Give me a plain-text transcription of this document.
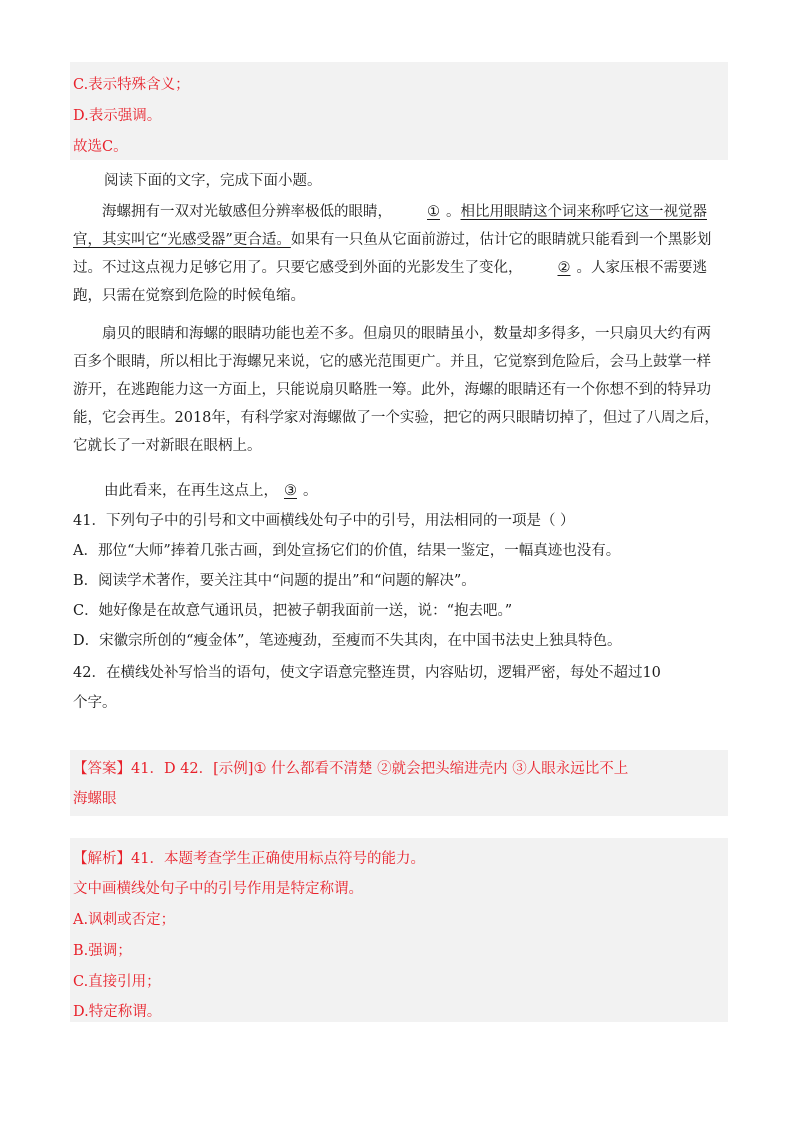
C.表示特殊含义；
D.表示强调。
故选C。
阅读下面的文字，完成下面小题。
海螺拥有一双对光敏感但分辨率极低的眼睛， ① 。相比用眼睛这个词来称呼它这一视觉器官，其实叫它“光感受器”更合适。如果有一只鱼从它面前游过，估计它的眼睛就只能看到一个黑影划过。不过这点视力足够它用了。只要它感受到外面的光影发生了变化， ② 。人家压根不需要逃跑，只需在觉察到危险的时候龟缩。
扇贝的眼睛和海螺的眼睛功能也差不多。但扇贝的眼睛虽小，数量却多得多，一只扇贝大约有两百多个眼睛，所以相比于海螺兄来说，它的感光范围更广。并且，它觉察到危险后，会马上鼓掌一样游开，在逃跑能力这一方面上，只能说扇贝略胜一筹。此外，海螺的眼睛还有一个你想不到的特异功能，它会再生。2018年，有科学家对海螺做了一个实验，把它的两只眼睛切掉了，但过了八周之后，它就长了一对新眼在眼柄上。
由此看来，在再生这点上， ③ 。
41．下列句子中的引号和文中画横线处句子中的引号，用法相同的一项是（ ）
A．那位“大师”捧着几张古画，到处宣扬它们的价值，结果一鉴定，一幅真迹也没有。
B．阅读学术著作，要关注其中“问题的提出”和“问题的解决”。
C．她好像是在故意气通讯员，把被子朝我面前一送，说：“抱去吧。”
D．宋徽宗所创的“瘦金体”，笔迹瘦劲，至瘦而不失其肉，在中国书法史上独具特色。
42．在横线处补写恰当的语句，使文字语意完整连贯，内容贴切，逻辑严密，每处不超过10
个字。
【答案】41．D 42．[示例]① 什么都看不清楚 ②就会把头缩进壳内 ③人眼永远比不上
海螺眼
【解析】41．本题考查学生正确使用标点符号的能力。
文中画横线处句子中的引号作用是特定称谓。
A.讽刺或否定；
B.强调；
C.直接引用；
D.特定称谓。
